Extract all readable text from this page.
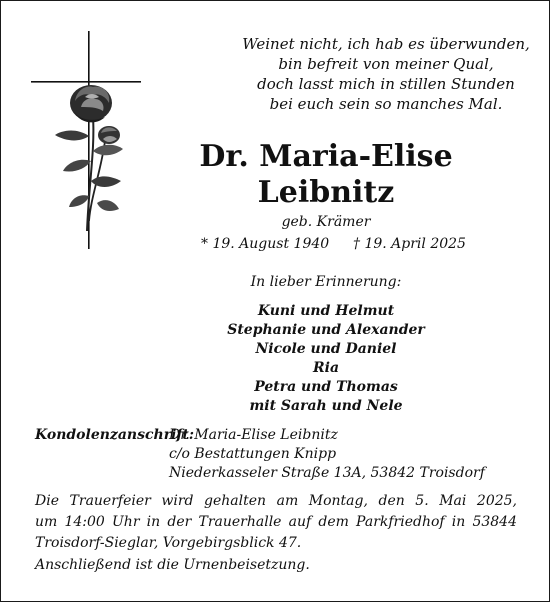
Weinet nicht, ich hab es überwunden,
bin befreit von meiner Qual,
doch lasst mich in stillen Stunden
bei euch sein so manches Mal.
Dr. Maria-Elise
Leibnitz
geb. Krämer
* 19. August 1940 † 19. April 2025
In lieber Erinnerung:
Kuni und Helmut
Stephanie und Alexander
Nicole und Daniel
Ria
Petra und Thomas
mit Sarah und Nele
Kondolenzanschrift:
Dr. Maria-Elise Leibnitz
c/o Bestattungen Knipp
Niederkasseler Straße 13A, 53842 Troisdorf
Die Trauerfeier wird gehalten am Montag, den 5. Mai 2025,
um 14:00 Uhr in der Trauerhalle auf dem Parkfriedhof in 53844
Troisdorf-Sieglar, Vorgebirgsblick 47.
Anschließend ist die Urnenbeisetzung.
